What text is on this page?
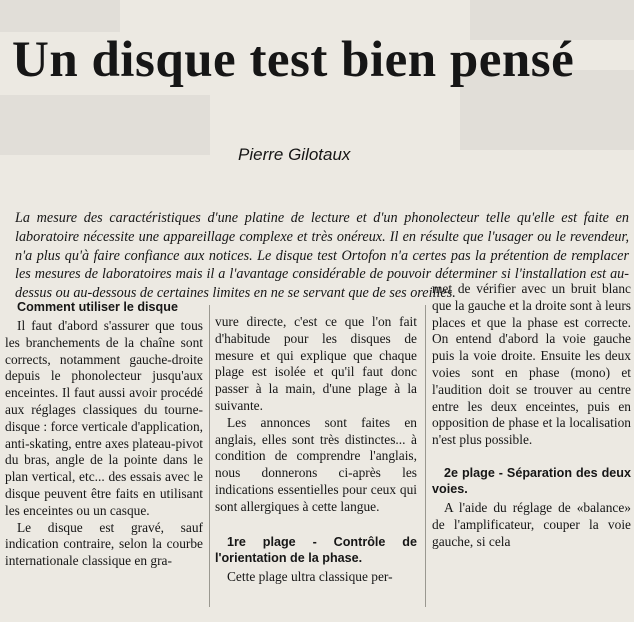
Un disque test bien pensé
Pierre Gilotaux
La mesure des caractéristiques d'une platine de lecture et d'un phonolecteur telle qu'elle est faite en laboratoire nécessite une appareillage complexe et très onéreux. Il en résulte que l'usager ou le revendeur, n'a plus qu'à faire confiance aux notices. Le disque test Ortofon n'a certes pas la prétention de remplacer les mesures de laboratoires mais il a l'avantage considérable de pouvoir déterminer si l'installation est au-dessus ou au-dessous de certaines limites en ne se servant que de ses oreilles.

Comment utiliser le disque

Il faut d'abord s'assurer que tous les branchements de la chaîne sont corrects, notamment gauche-droite depuis le phonolecteur jusqu'aux enceintes. Il faut aussi avoir procédé aux réglages classiques du tourne-disque : force verticale d'application, anti-skating, entre axes plateau-pivot du bras, angle de la pointe dans le plan vertical, etc... des essais avec le disque peuvent être faits en utilisant les enceintes ou un casque.

Le disque est gravé, sauf indication contraire, selon la courbe internationale classique en gra-

vure directe, c'est ce que l'on fait d'habitude pour les disques de mesure et qui explique que chaque plage est isolée et qu'il faut donc passer à la main, d'une plage à la suivante.

Les annonces sont faites en anglais, elles sont très distinctes... à condition de comprendre l'anglais, nous donnerons ci-après les indications essentielles pour ceux qui sont allergiques à cette langue.

1re plage - Contrôle de l'orientation de la phase.

Cette plage ultra classique per-

met de vérifier avec un bruit blanc que la gauche et la droite sont à leurs places et que la phase est correcte. On entend d'abord la voie gauche puis la voie droite. Ensuite les deux voies sont en phase (mono) et l'audition doit se trouver au centre entre les deux enceintes, puis en opposition de phase et la localisation n'est plus possible.

2e plage - Séparation des deux voies.

A l'aide du réglage de «balance» de l'amplificateur, couper la voie gauche, si cela
